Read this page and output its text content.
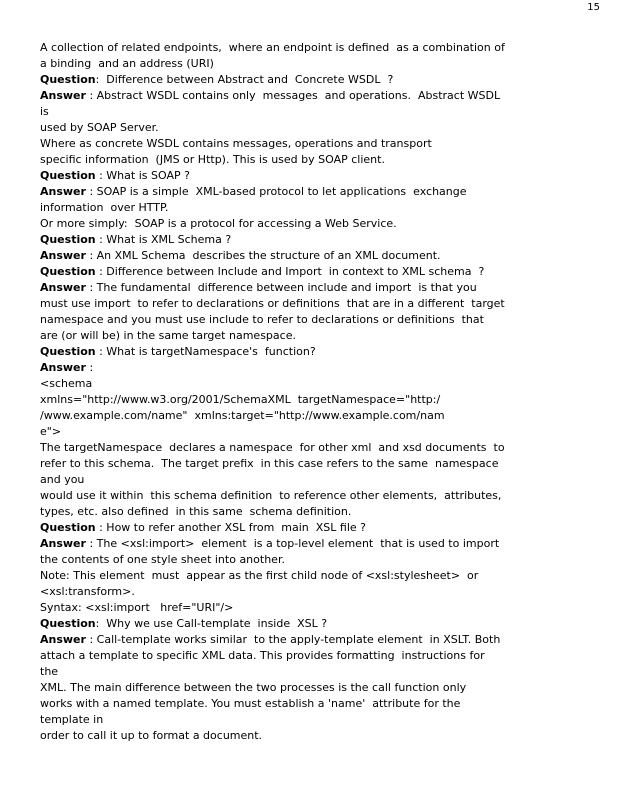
15
A collection of related endpoints,  where an endpoint is defined  as a combination of
a binding  and an address (URI)
Question:  Difference between Abstract and  Concrete WSDL  ?
Answer : Abstract WSDL contains only  messages  and operations.  Abstract WSDL
is
used by SOAP Server.
Where as concrete WSDL contains messages, operations and transport
specific information  (JMS or Http). This is used by SOAP client.
Question : What is SOAP ?
Answer : SOAP is a simple  XML-based protocol to let applications  exchange
information  over HTTP.
Or more simply:  SOAP is a protocol for accessing a Web Service.
Question : What is XML Schema ?
Answer : An XML Schema  describes the structure of an XML document.
Question : Difference between Include and Import  in context to XML schema  ?
Answer : The fundamental  difference between include and import  is that you
must use import  to refer to declarations or definitions  that are in a different  target
namespace and you must use include to refer to declarations or definitions  that
are (or will be) in the same target namespace.
Question : What is targetNamespace's  function?
Answer :
<schema
xmlns="http://www.w3.org/2001/SchemaXML  targetNamespace="http:/
/www.example.com/name"  xmlns:target="http://www.example.com/nam
e">
The targetNamespace  declares a namespace  for other xml  and xsd documents  to
refer to this schema.  The target prefix  in this case refers to the same  namespace
and you
would use it within  this schema definition  to reference other elements,  attributes,
types, etc. also defined  in this same  schema definition.
Question : How to refer another XSL from  main  XSL file ?
Answer : The <xsl:import>  element  is a top-level element  that is used to import
the contents of one style sheet into another.
Note: This element  must  appear as the first child node of <xsl:stylesheet>  or
<xsl:transform>.
Syntax: <xsl:import   href="URI"/>
Question:  Why we use Call-template  inside  XSL ?
Answer : Call-template works similar  to the apply-template element  in XSLT. Both
attach a template to specific XML data. This provides formatting  instructions for
the
XML. The main difference between the two processes is the call function only
works with a named template. You must establish a 'name'  attribute for the
template in
order to call it up to format a document.
